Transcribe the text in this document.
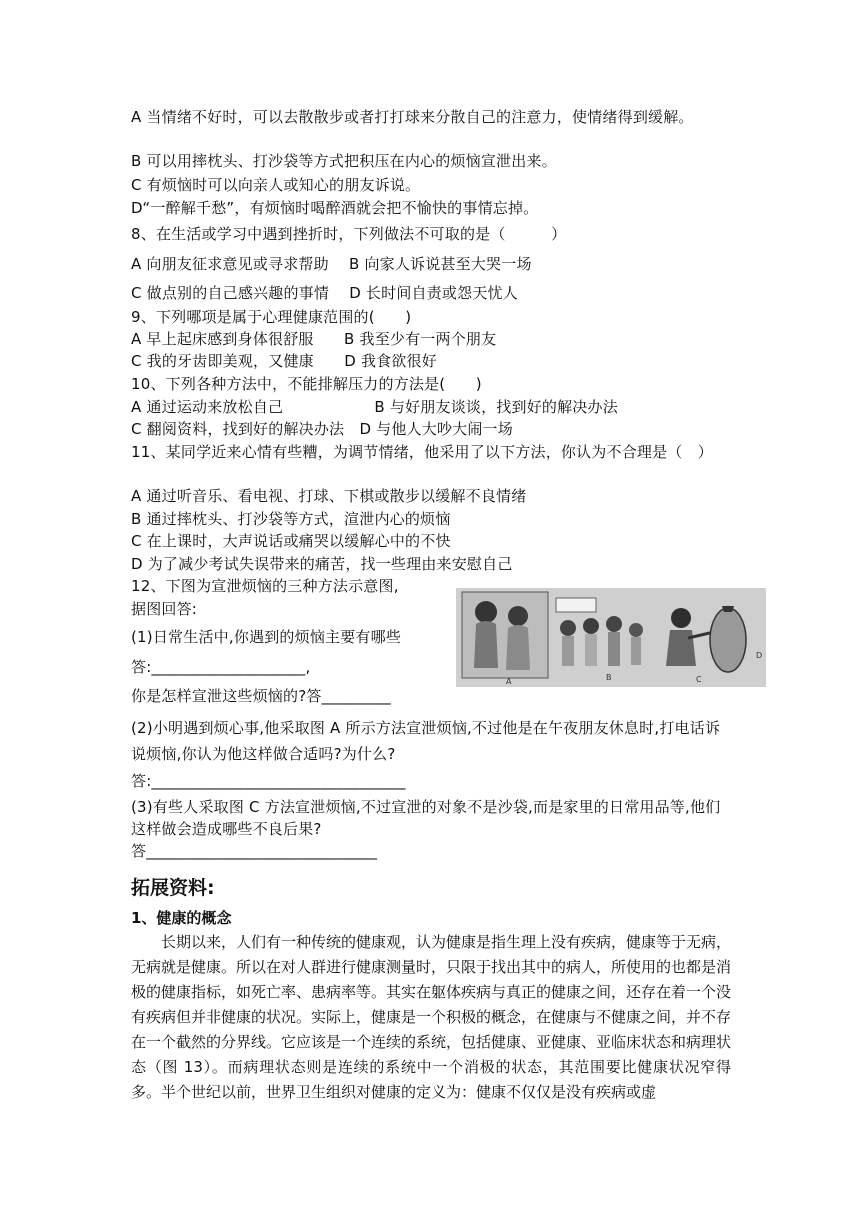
A 当情绪不好时，可以去散散步或者打打球来分散自己的注意力，使情绪得到缓解。
B 可以用摔枕头、打沙袋等方式把积压在内心的烦恼宣泄出来。
C 有烦恼时可以向亲人或知心的朋友诉说。
D“一醉解千愁”，有烦恼时喝醉酒就会把不愉快的事情忘掉。
8、在生活或学习中遇到挫折时，下列做法不可取的是（　　　）
A 向朋友征求意见或寻求帮助　 B 向家人诉说甚至大哭一场
C 做点别的自己感兴趣的事情　 D 长时间自责或怨天忧人
9、下列哪项是属于心理健康范围的(　　)
A 早上起床感到身体很舒服　　B 我至少有一两个朋友
C 我的牙齿即美观，又健康　　D 我食欲很好
10、下列各种方法中，不能排解压力的方法是(　　)
A 通过运动来放松自己　　　　　　B 与好朋友谈谈，找到好的解决办法
C 翻阅资料，找到好的解决办法　D 与他人大吵大闹一场
11、某同学近来心情有些糟，为调节情绪，他采用了以下方法，你认为不合理是（　）
A 通过听音乐、看电视、打球、下棋或散步以缓解不良情绪
B 通过摔枕头、打沙袋等方式，渲泄内心的烦恼
C 在上课时，大声说话或痛哭以缓解心中的不快
D 为了减少考试失误带来的痛苦，找一些理由来安慰自己
12、下图为宣泄烦恼的三种方法示意图,
据图回答:
(1)日常生活中,你遇到的烦恼主要有哪些
答:____________________,
你是怎样宣泄这些烦恼的?答_________
(2)小明遇到烦心事,他采取图 A 所示方法宣泄烦恼,不过他是在午夜朋友休息时,打电话诉说烦恼,你认为他这样做合适吗?为什么?
答:_________________________________
(3)有些人采取图 C 方法宣泄烦恼,不过宣泄的对象不是沙袋,而是家里的日常用品等,他们这样做会造成哪些不良后果?
答______________________________
A	B	C
D
拓展资料:
1、健康的概念
长期以来，人们有一种传统的健康观，认为健康是指生理上没有疾病，健康等于无病，无病就是健康。所以在对人群进行健康测量时，只限于找出其中的病人，所使用的也都是消极的健康指标，如死亡率、患病率等。其实在躯体疾病与真正的健康之间，还存在着一个没有疾病但并非健康的状况。实际上，健康是一个积极的概念，在健康与不健康之间，并不存在一个截然的分界线。它应该是一个连续的系统，包括健康、亚健康、亚临床状态和病理状态（图 13）。而病理状态则是连续的系统中一个消极的状态，其范围要比健康状况窄得多。 半个世纪以前，世界卫生组织对健康的定义为：健康不仅仅是没有疾病或虚
